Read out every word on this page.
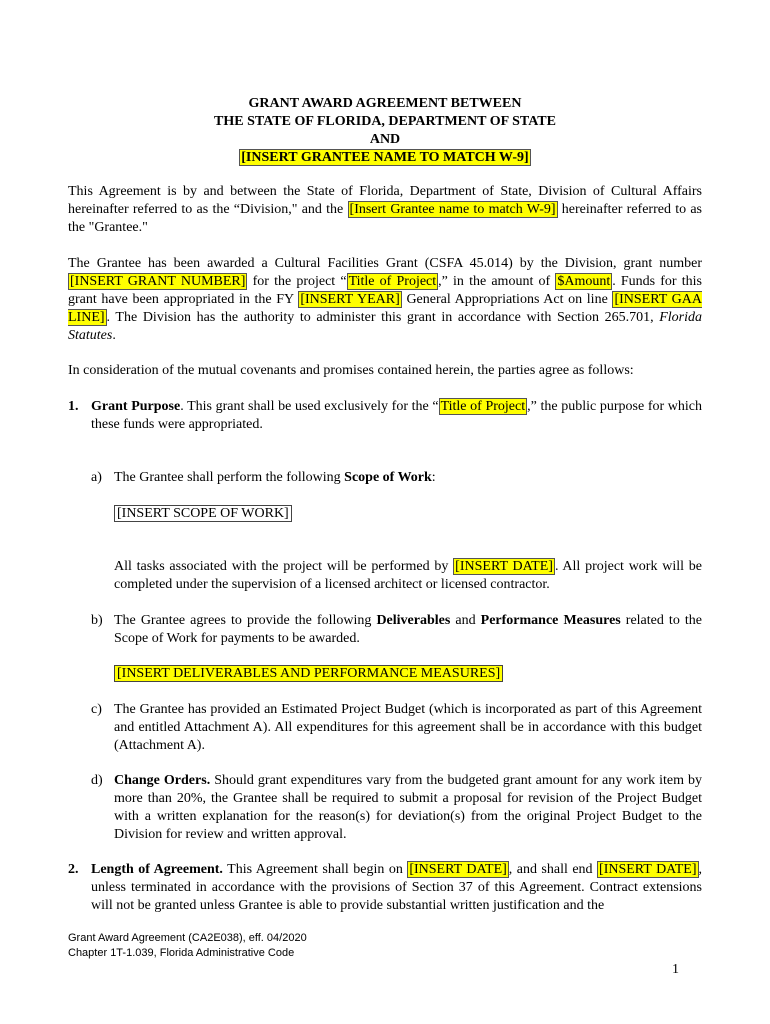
GRANT AWARD AGREEMENT BETWEEN
THE STATE OF FLORIDA, DEPARTMENT OF STATE
AND
[INSERT GRANTEE NAME TO MATCH W-9]
This Agreement is by and between the State of Florida, Department of State, Division of Cultural Affairs hereinafter referred to as the “Division," and the [Insert Grantee name to match W-9] hereinafter referred to as the "Grantee."
The Grantee has been awarded a Cultural Facilities Grant (CSFA 45.014) by the Division, grant number [INSERT GRANT NUMBER] for the project “ Title of Project ,” in the amount of $Amount . Funds for this grant have been appropriated in the FY [INSERT YEAR] General Appropriations Act on line [INSERT GAA LINE] . The Division has the authority to administer this grant in accordance with Section 265.701, Florida Statutes.
In consideration of the mutual covenants and promises contained herein, the parties agree as follows:
1. Grant Purpose. This grant shall be used exclusively for the “ Title of Project ,” the public purpose for which these funds were appropriated.
a) The Grantee shall perform the following Scope of Work:
[INSERT SCOPE OF WORK]
All tasks associated with the project will be performed by [INSERT DATE] . All project work will be completed under the supervision of a licensed architect or licensed contractor.
b) The Grantee agrees to provide the following Deliverables and Performance Measures related to the Scope of Work for payments to be awarded.
[INSERT DELIVERABLES AND PERFORMANCE MEASURES]
c) The Grantee has provided an Estimated Project Budget (which is incorporated as part of this Agreement and entitled Attachment A). All expenditures for this agreement shall be in accordance with this budget (Attachment A).
d) Change Orders. Should grant expenditures vary from the budgeted grant amount for any work item by more than 20%, the Grantee shall be required to submit a proposal for revision of the Project Budget with a written explanation for the reason(s) for deviation(s) from the original Project Budget to the Division for review and written approval.
2. Length of Agreement. This Agreement shall begin on [INSERT DATE] , and shall end [INSERT DATE] , unless terminated in accordance with the provisions of Section 37 of this Agreement. Contract extensions will not be granted unless Grantee is able to provide substantial written justification and the
Grant Award Agreement (CA2E038), eff. 04/2020
Chapter 1T-1.039, Florida Administrative Code
1
